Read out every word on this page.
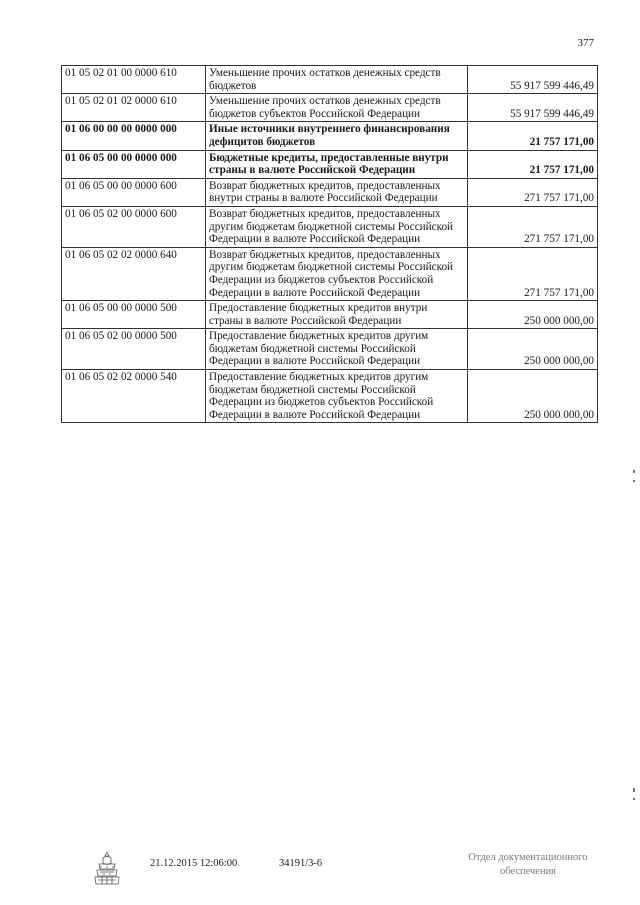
377
01 05 02 01 00 0000 610	Уменьшение прочих остатков денежных средств бюджетов	55 917 599 446,49
01 05 02 01 02 0000 610	Уменьшение прочих остатков денежных средств бюджетов субъектов Российской Федерации	55 917 599 446,49
01 06 00 00 00 0000 000	Иные источники внутреннего финансирования дефицитов бюджетов	21 757 171,00
01 06 05 00 00 0000 000	Бюджетные кредиты, предоставленные внутри страны в валюте Российской Федерации	21 757 171,00
01 06 05 00 00 0000 600	Возврат бюджетных кредитов, предоставленных внутри страны в валюте Российской Федерации	271 757 171,00
01 06 05 02 00 0000 600	Возврат бюджетных кредитов, предоставленных другим бюджетам бюджетной системы Российской Федерации в валюте Российской Федерации	271 757 171,00
01 06 05 02 02 0000 640	Возврат бюджетных кредитов, предоставленных другим бюджетам бюджетной системы Российской Федерации из бюджетов субъектов Российской Федерации в валюте Российской Федерации	271 757 171,00
01 06 05 00 00 0000 500	Предоставление бюджетных кредитов внутри страны в валюте Российской Федерации	250 000 000,00
01 06 05 02 00 0000 500	Предоставление бюджетных кредитов другим бюджетам бюджетной системы Российской Федерации в валюте Российской Федерации	250 000 000,00
01 06 05 02 02 0000 540	Предоставление бюджетных кредитов другим бюджетам бюджетной системы Российской Федерации из бюджетов субъектов Российской Федерации в валюте Российской Федерации	250 000 000,00
21.12.2015 12:06:00	34191/3-6
Отдел документационного обеспечения
